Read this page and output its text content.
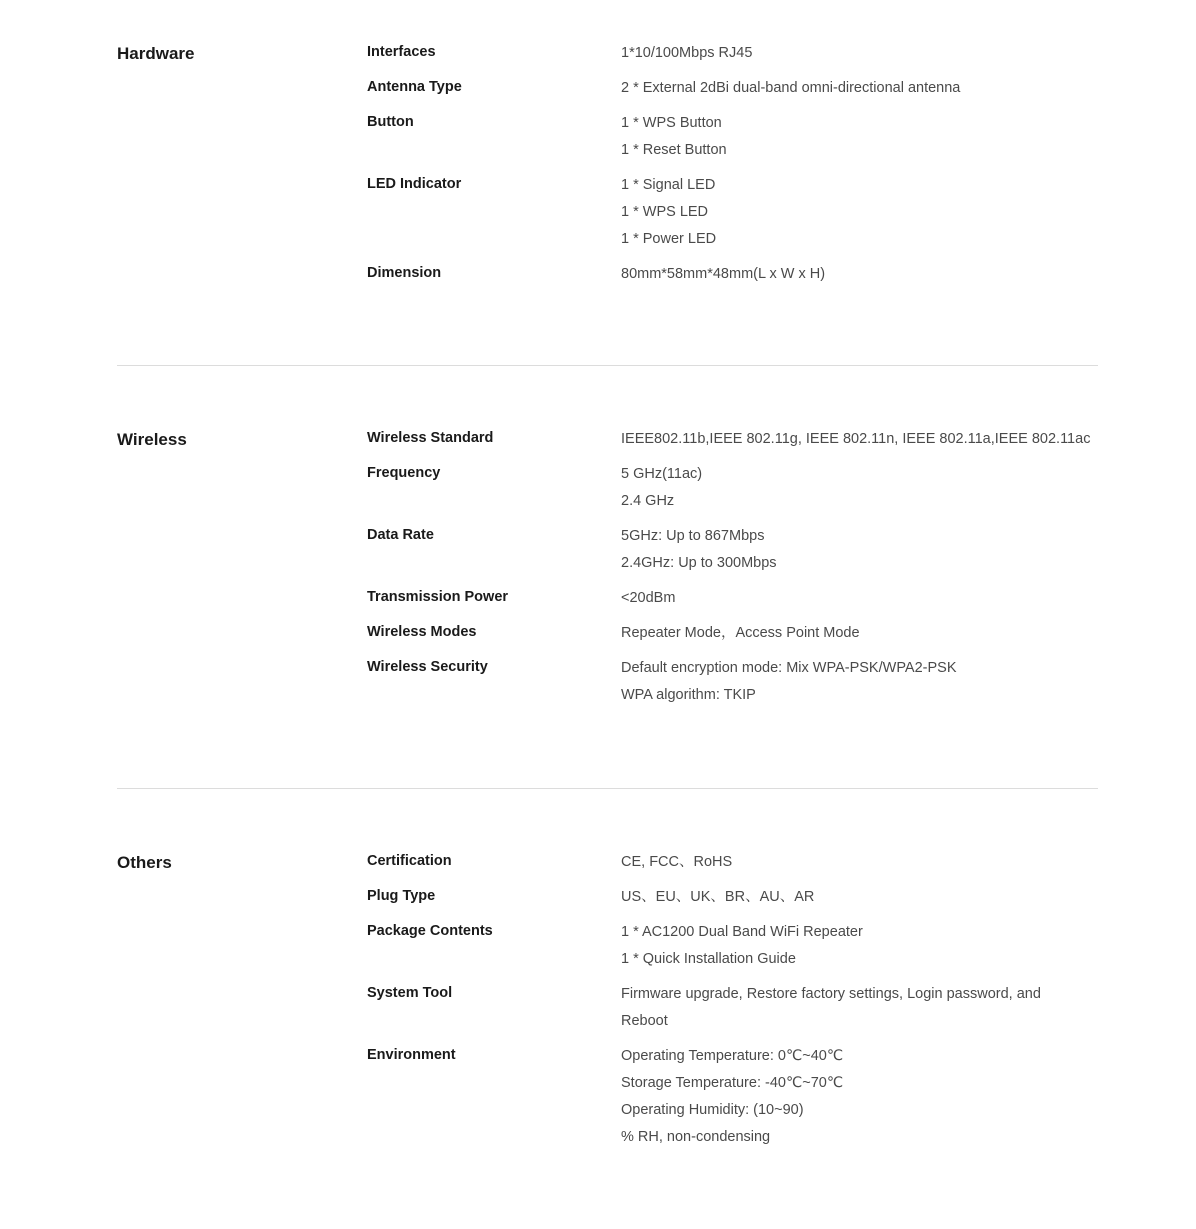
Hardware	Interfaces	1*10/100Mbps RJ45
Antenna Type	2 * External 2dBi dual-band omni-directional antenna
Button	1 * WPS Button
1 * Reset Button
LED Indicator	1 * Signal LED
1 * WPS LED
1 * Power LED
Dimension	80mm*58mm*48mm(L x W x H)
Wireless	Wireless Standard	IEEE802.11b,IEEE 802.11g, IEEE 802.11n, IEEE 802.11a,IEEE 802.11ac
Frequency	5 GHz(11ac)
2.4 GHz
Data Rate	5GHz: Up to 867Mbps
2.4GHz: Up to 300Mbps
Transmission Power	<20dBm
Wireless Modes	Repeater Mode，Access Point Mode
Wireless Security	Default encryption mode: Mix WPA-PSK/WPA2-PSK
WPA algorithm: TKIP
Others	Certification	CE, FCC、RoHS
Plug Type	US、EU、UK、BR、AU、AR
Package Contents	1 * AC1200 Dual Band WiFi Repeater
1 * Quick Installation Guide
System Tool	Firmware upgrade, Restore factory settings, Login password, and
Reboot
Environment	Operating Temperature: 0℃~40℃
Storage Temperature: -40℃~70℃
Operating Humidity: (10~90)
% RH, non-condensing
